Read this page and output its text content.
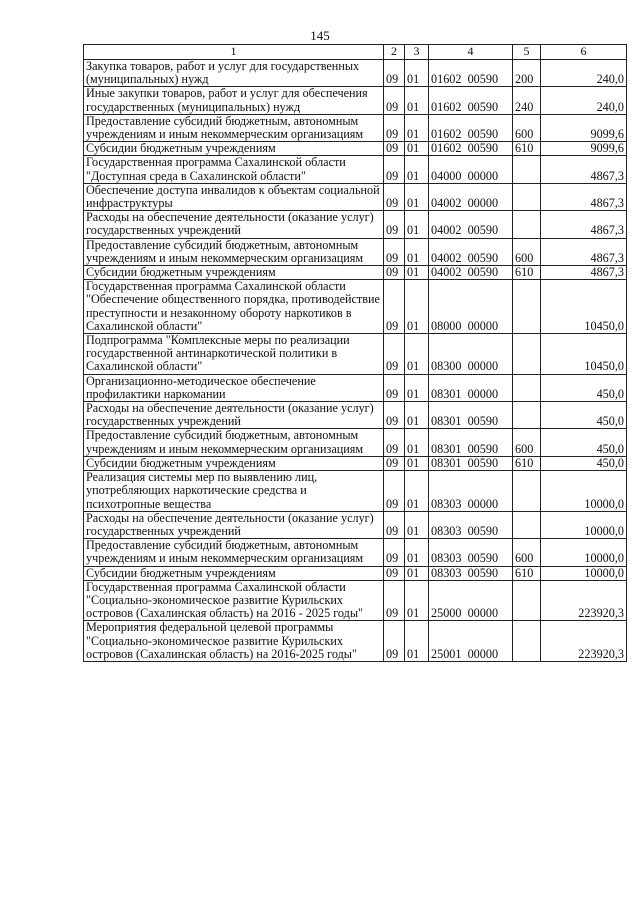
145
1	2	3	4	5	6
Закупка товаров, работ и услуг для государственных (муниципальных) нужд	09	01	01602  00590	200	240,0
Иные закупки товаров, работ и услуг для обеспечения государственных (муниципальных) нужд	09	01	01602  00590	240	240,0
Предоставление субсидий бюджетным, автономным учреждениям и иным некоммерческим организациям	09	01	01602  00590	600	9099,6
Субсидии бюджетным учреждениям	09	01	01602  00590	610	9099,6
Государственная программа Сахалинской области "Доступная среда в Сахалинской области"	09	01	04000  00000		4867,3
Обеспечение доступа инвалидов к объектам социальной инфраструктуры	09	01	04002  00000		4867,3
Расходы на обеспечение деятельности (оказание услуг) государственных учреждений	09	01	04002  00590		4867,3
Предоставление субсидий бюджетным, автономным учреждениям и иным некоммерческим организациям	09	01	04002  00590	600	4867,3
Субсидии бюджетным учреждениям	09	01	04002  00590	610	4867,3
Государственная программа Сахалинской области "Обеспечение общественного порядка, противодействие преступности и незаконному обороту наркотиков в Сахалинской области"	09	01	08000  00000		10450,0
Подпрограмма "Комплексные меры по реализации государственной антинаркотической политики в Сахалинской области"	09	01	08300  00000		10450,0
Организационно-методическое обеспечение профилактики наркомании	09	01	08301  00000		450,0
Расходы на обеспечение деятельности (оказание услуг) государственных учреждений	09	01	08301  00590		450,0
Предоставление субсидий бюджетным, автономным учреждениям и иным некоммерческим организациям	09	01	08301  00590	600	450,0
Субсидии бюджетным учреждениям	09	01	08301  00590	610	450,0
Реализация системы мер по выявлению лиц, употребляющих наркотические средства и психотропные вещества	09	01	08303  00000		10000,0
Расходы на обеспечение деятельности (оказание услуг) государственных учреждений	09	01	08303  00590		10000,0
Предоставление субсидий бюджетным, автономным учреждениям и иным некоммерческим организациям	09	01	08303  00590	600	10000,0
Субсидии бюджетным учреждениям	09	01	08303  00590	610	10000,0
Государственная программа Сахалинской области "Социально-экономическое развитие Курильских островов (Сахалинская область) на 2016 - 2025 годы"	09	01	25000  00000		223920,3
Мероприятия федеральной целевой программы "Социально-экономическое развитие Курильских островов (Сахалинская область) на 2016-2025 годы"	09	01	25001  00000		223920,3
